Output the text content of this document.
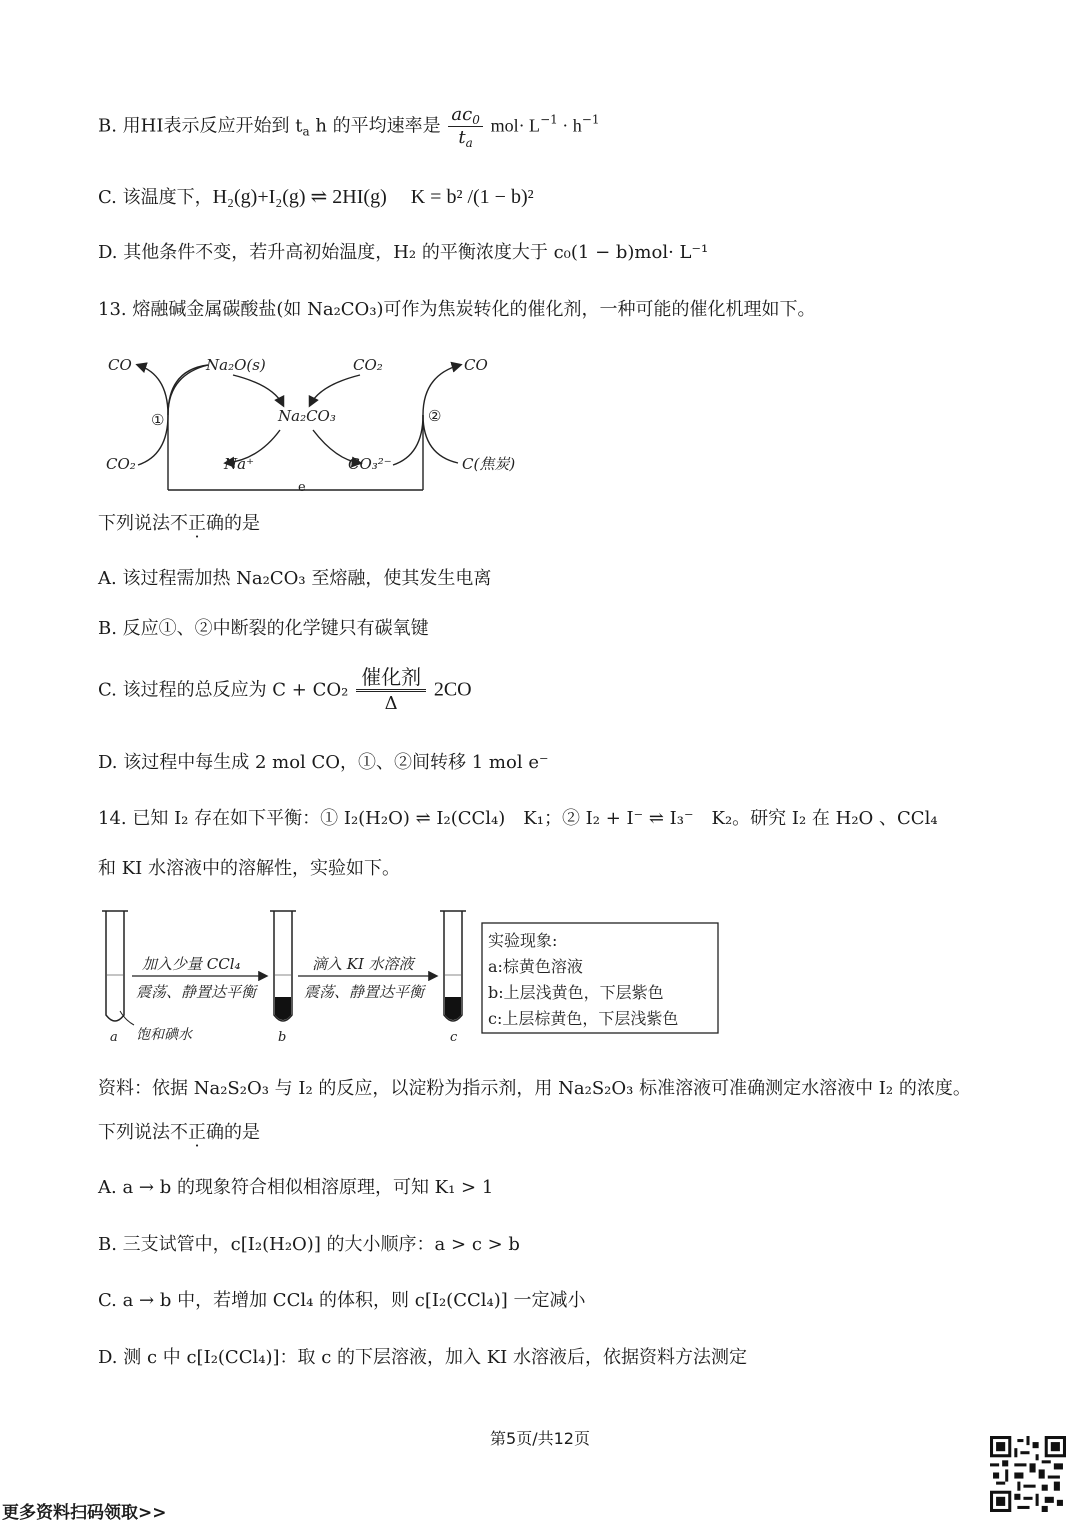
B. 用HI表示反应开始到 $t_a$ h 的平均速率是 $\frac{ac_0}{t_a} mol\cdot L^{-1} \cdot h^{-1}$
C. 该温度下，H₂(g)+I₂(g) ⇌ 2HI(g) K = b² /(1 − b)²
D. 其他条件不变，若升高初始温度，H₂ 的平衡浓度大于 c₀(1 − b)mol· L⁻¹
13. 熔融碱金属碳酸盐(如 Na₂CO₃)可作为焦炭转化的催化剂，一种可能的催化机理如下。
CO	Na₂O(s)	CO₂	CO
Na₂CO₃
CO₂	Na⁺	CO₃²⁻	C(焦炭)
①	②
e
下列说法不正确的是
A. 该过程需加热 Na₂CO₃ 至熔融，使其发生电离
B. 反应①、②中断裂的化学键只有碳氧键
C. 该过程的总反应为 C + CO₂
催化剂
Δ
2CO
D. 该过程中每生成 2 mol CO，①、②间转移 1 mol e⁻
14. 已知 I₂ 存在如下平衡：① I₂(H₂O) ⇌ I₂(CCl₄)　K₁；② I₂ + I⁻ ⇌ I₃⁻　K₂。研究 I₂ 在 H₂O 、CCl₄
和 KI 水溶液中的溶解性，实验如下。
加入少量 CCl₄
震荡、静置达平衡
滴入 KI 水溶液
震荡、静置达平衡
a 饱和碘水	b	c
实验现象:
a:棕黄色溶液
b:上层浅黄色，下层紫色
c:上层棕黄色，下层浅紫色
资料：依据 Na₂S₂O₃ 与 I₂ 的反应，以淀粉为指示剂，用 Na₂S₂O₃ 标准溶液可准确测定水溶液中 I₂ 的浓度。
下列说法不正确的是
A. a → b 的现象符合相似相溶原理，可知 K₁ > 1
B. 三支试管中，c[I₂(H₂O)] 的大小顺序：a > c > b
C. a → b 中，若增加 CCl₄ 的体积，则 c[I₂(CCl₄)] 一定减小
D. 测 c 中 c[I₂(CCl₄)]：取 c 的下层溶液，加入 KI 水溶液后，依据资料方法测定
第5页/共12页
更多资料扫码领取>>
